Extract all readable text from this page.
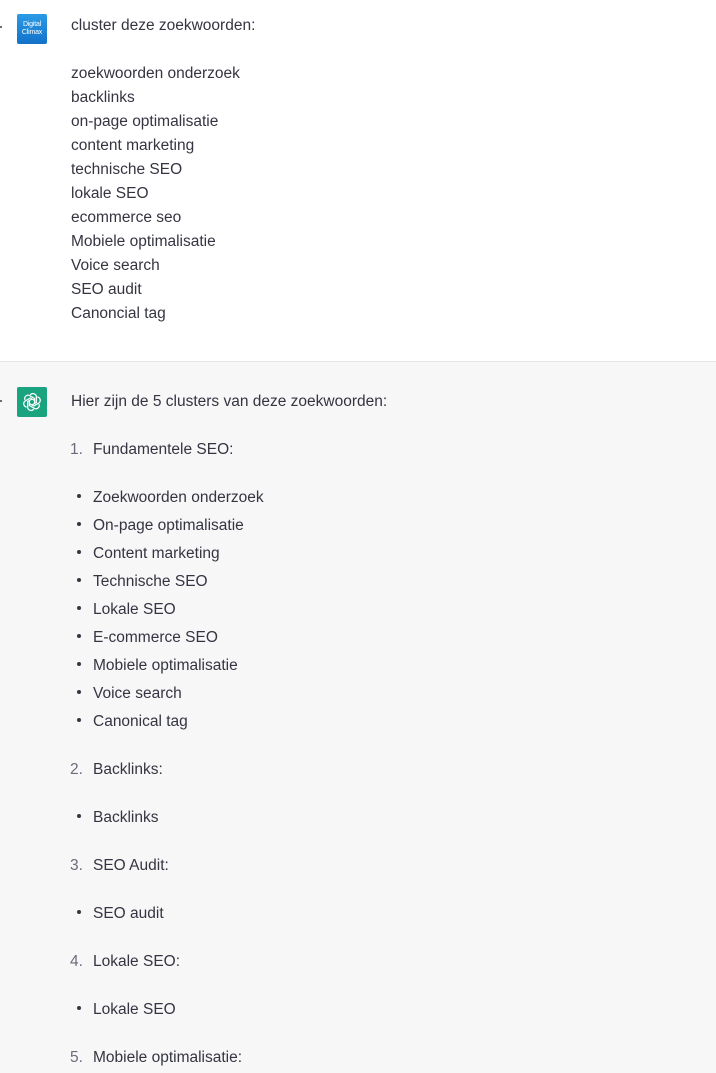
Digital
Climax cluster deze zoekwoorden:
zoekwoorden onderzoek
backlinks
on-page optimalisatie
content marketing
technische SEO
lokale SEO
ecommerce seo
Mobiele optimalisatie
Voice search
SEO audit
Canoncial tag
Hier zijn de 5 clusters van deze zoekwoorden:
1. Fundamentele SEO:
Zoekwoorden onderzoek
On-page optimalisatie
Content marketing
Technische SEO
Lokale SEO
E-commerce SEO
Mobiele optimalisatie
Voice search
Canonical tag
2. Backlinks:
Backlinks
3. SEO Audit:
SEO audit
4. Lokale SEO:
Lokale SEO
5. Mobiele optimalisatie:
